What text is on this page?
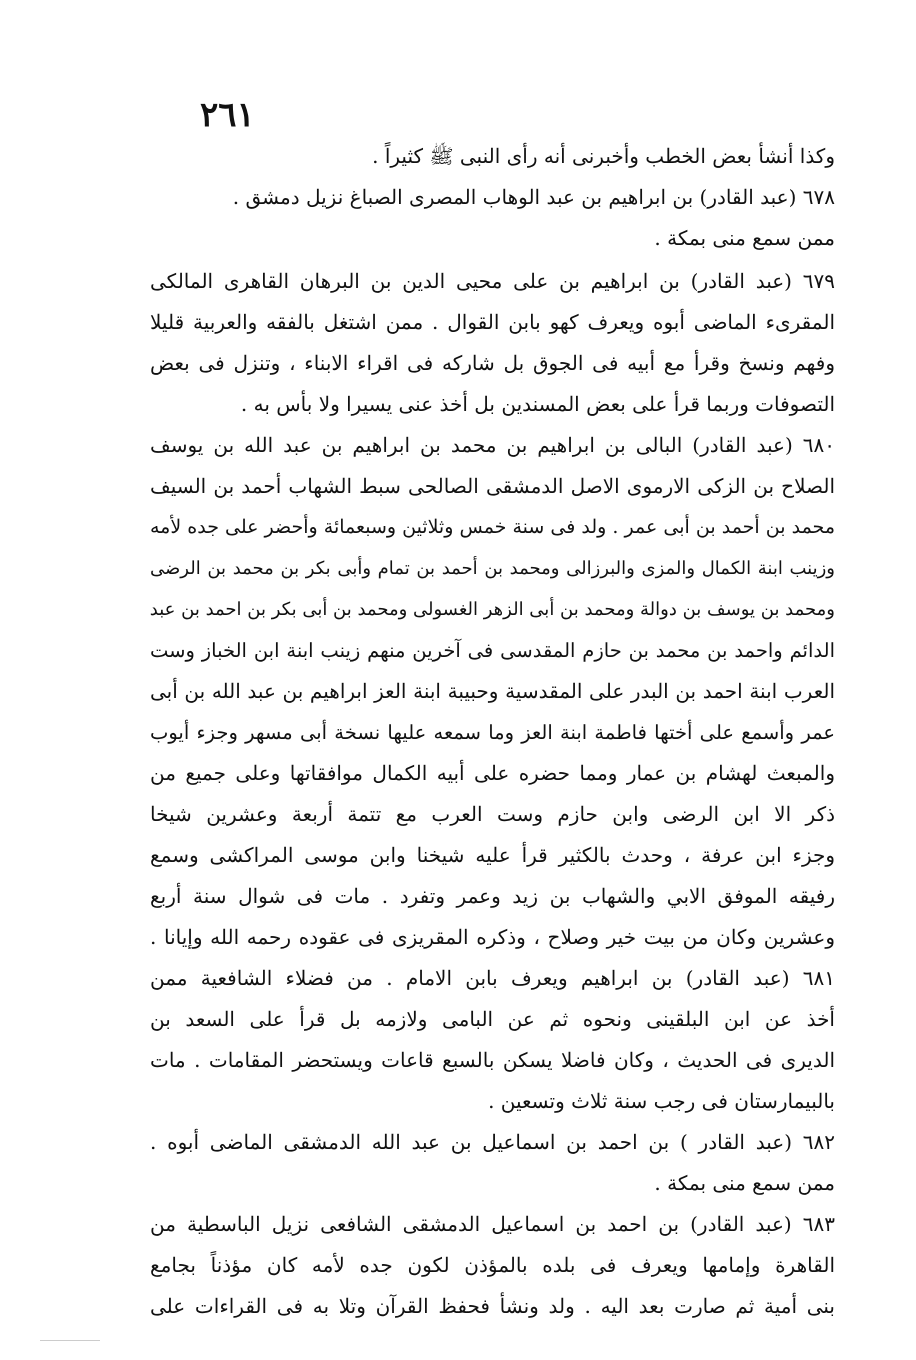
٢٦١
وكذا أنشأ بعض الخطب وأخبرنى أنه رأى النبى ﷺ كثيراً .
٦٧٨ (عبد القادر) بن ابراهيم بن عبد الوهاب المصرى الصباغ نزيل دمشق .
ممن سمع منى بمكة .
٦٧٩ (عبد القادر) بن ابراهيم بن على محيى الدين بن البرهان القاهرى المالكى
المقرىء الماضى أبوه ويعرف كهو بابن القوال . ممن اشتغل بالفقه والعربية قليلا
وفهم ونسخ وقرأ مع أبيه فى الجوق بل شاركه فى اقراء الابناء ، وتنزل فى بعض
التصوفات وربما قرأ على بعض المسندين بل أخذ عنى يسيرا ولا بأس به .
٦٨٠ (عبد القادر) البالى بن ابراهيم بن محمد بن ابراهيم بن عبد الله بن يوسف
الصلاح بن الزكى الارموى الاصل الدمشقى الصالحى سبط الشهاب أحمد بن السيف
محمد بن أحمد بن أبى عمر . ولد فى سنة خمس وثلاثين وسبعمائة وأحضر على جده لأمه
وزينب ابنة الكمال والمزى والبرزالى ومحمد بن أحمد بن تمام وأبى بكر بن محمد بن الرضى
ومحمد بن يوسف بن دوالة ومحمد بن أبى الزهر الغسولى ومحمد بن أبى بكر بن احمد بن عبد
الدائم واحمد بن محمد بن حازم المقدسى فى آخرين منهم زينب ابنة ابن الخباز وست
العرب ابنة احمد بن البدر على المقدسية وحبيبة ابنة العز ابراهيم بن عبد الله بن أبى
عمر وأسمع على أختها فاطمة ابنة العز وما سمعه عليها نسخة أبى مسهر وجزء أيوب
والمبعث لهشام بن عمار ومما حضره على أبيه الكمال موافقاتها وعلى جميع من
ذكر الا ابن الرضى وابن حازم وست العرب مع تتمة أربعة وعشرين شيخا
وجزء ابن عرفة ، وحدث بالكثير قرأ عليه شيخنا وابن موسى المراكشى وسمع
رفيقه الموفق الابي والشهاب بن زيد وعمر وتفرد . مات فى شوال سنة أربع
وعشرين وكان من بيت خير وصلاح ، وذكره المقريزى فى عقوده رحمه الله وإيانا .
٦٨١ (عبد القادر) بن ابراهيم ويعرف بابن الامام . من فضلاء الشافعية ممن
أخذ عن ابن البلقينى ونحوه ثم عن البامى ولازمه بل قرأ على السعد بن
الديرى فى الحديث ، وكان فاضلا يسكن بالسبع قاعات ويستحضر المقامات . مات
بالبيمارستان فى رجب سنة ثلاث وتسعين .
٦٨٢ (عبد القادر ) بن احمد بن اسماعيل بن عبد الله الدمشقى الماضى أبوه .
ممن سمع منى بمكة .
٦٨٣ (عبد القادر) بن احمد بن اسماعيل الدمشقى الشافعى نزيل الباسطية من
القاهرة وإمامها ويعرف فى بلده بالمؤذن لكون جده لأمه كان مؤذناً بجامع
بنى أمية ثم صارت بعد اليه . ولد ونشأ فحفظ القرآن وتلا به فى القراءات على
